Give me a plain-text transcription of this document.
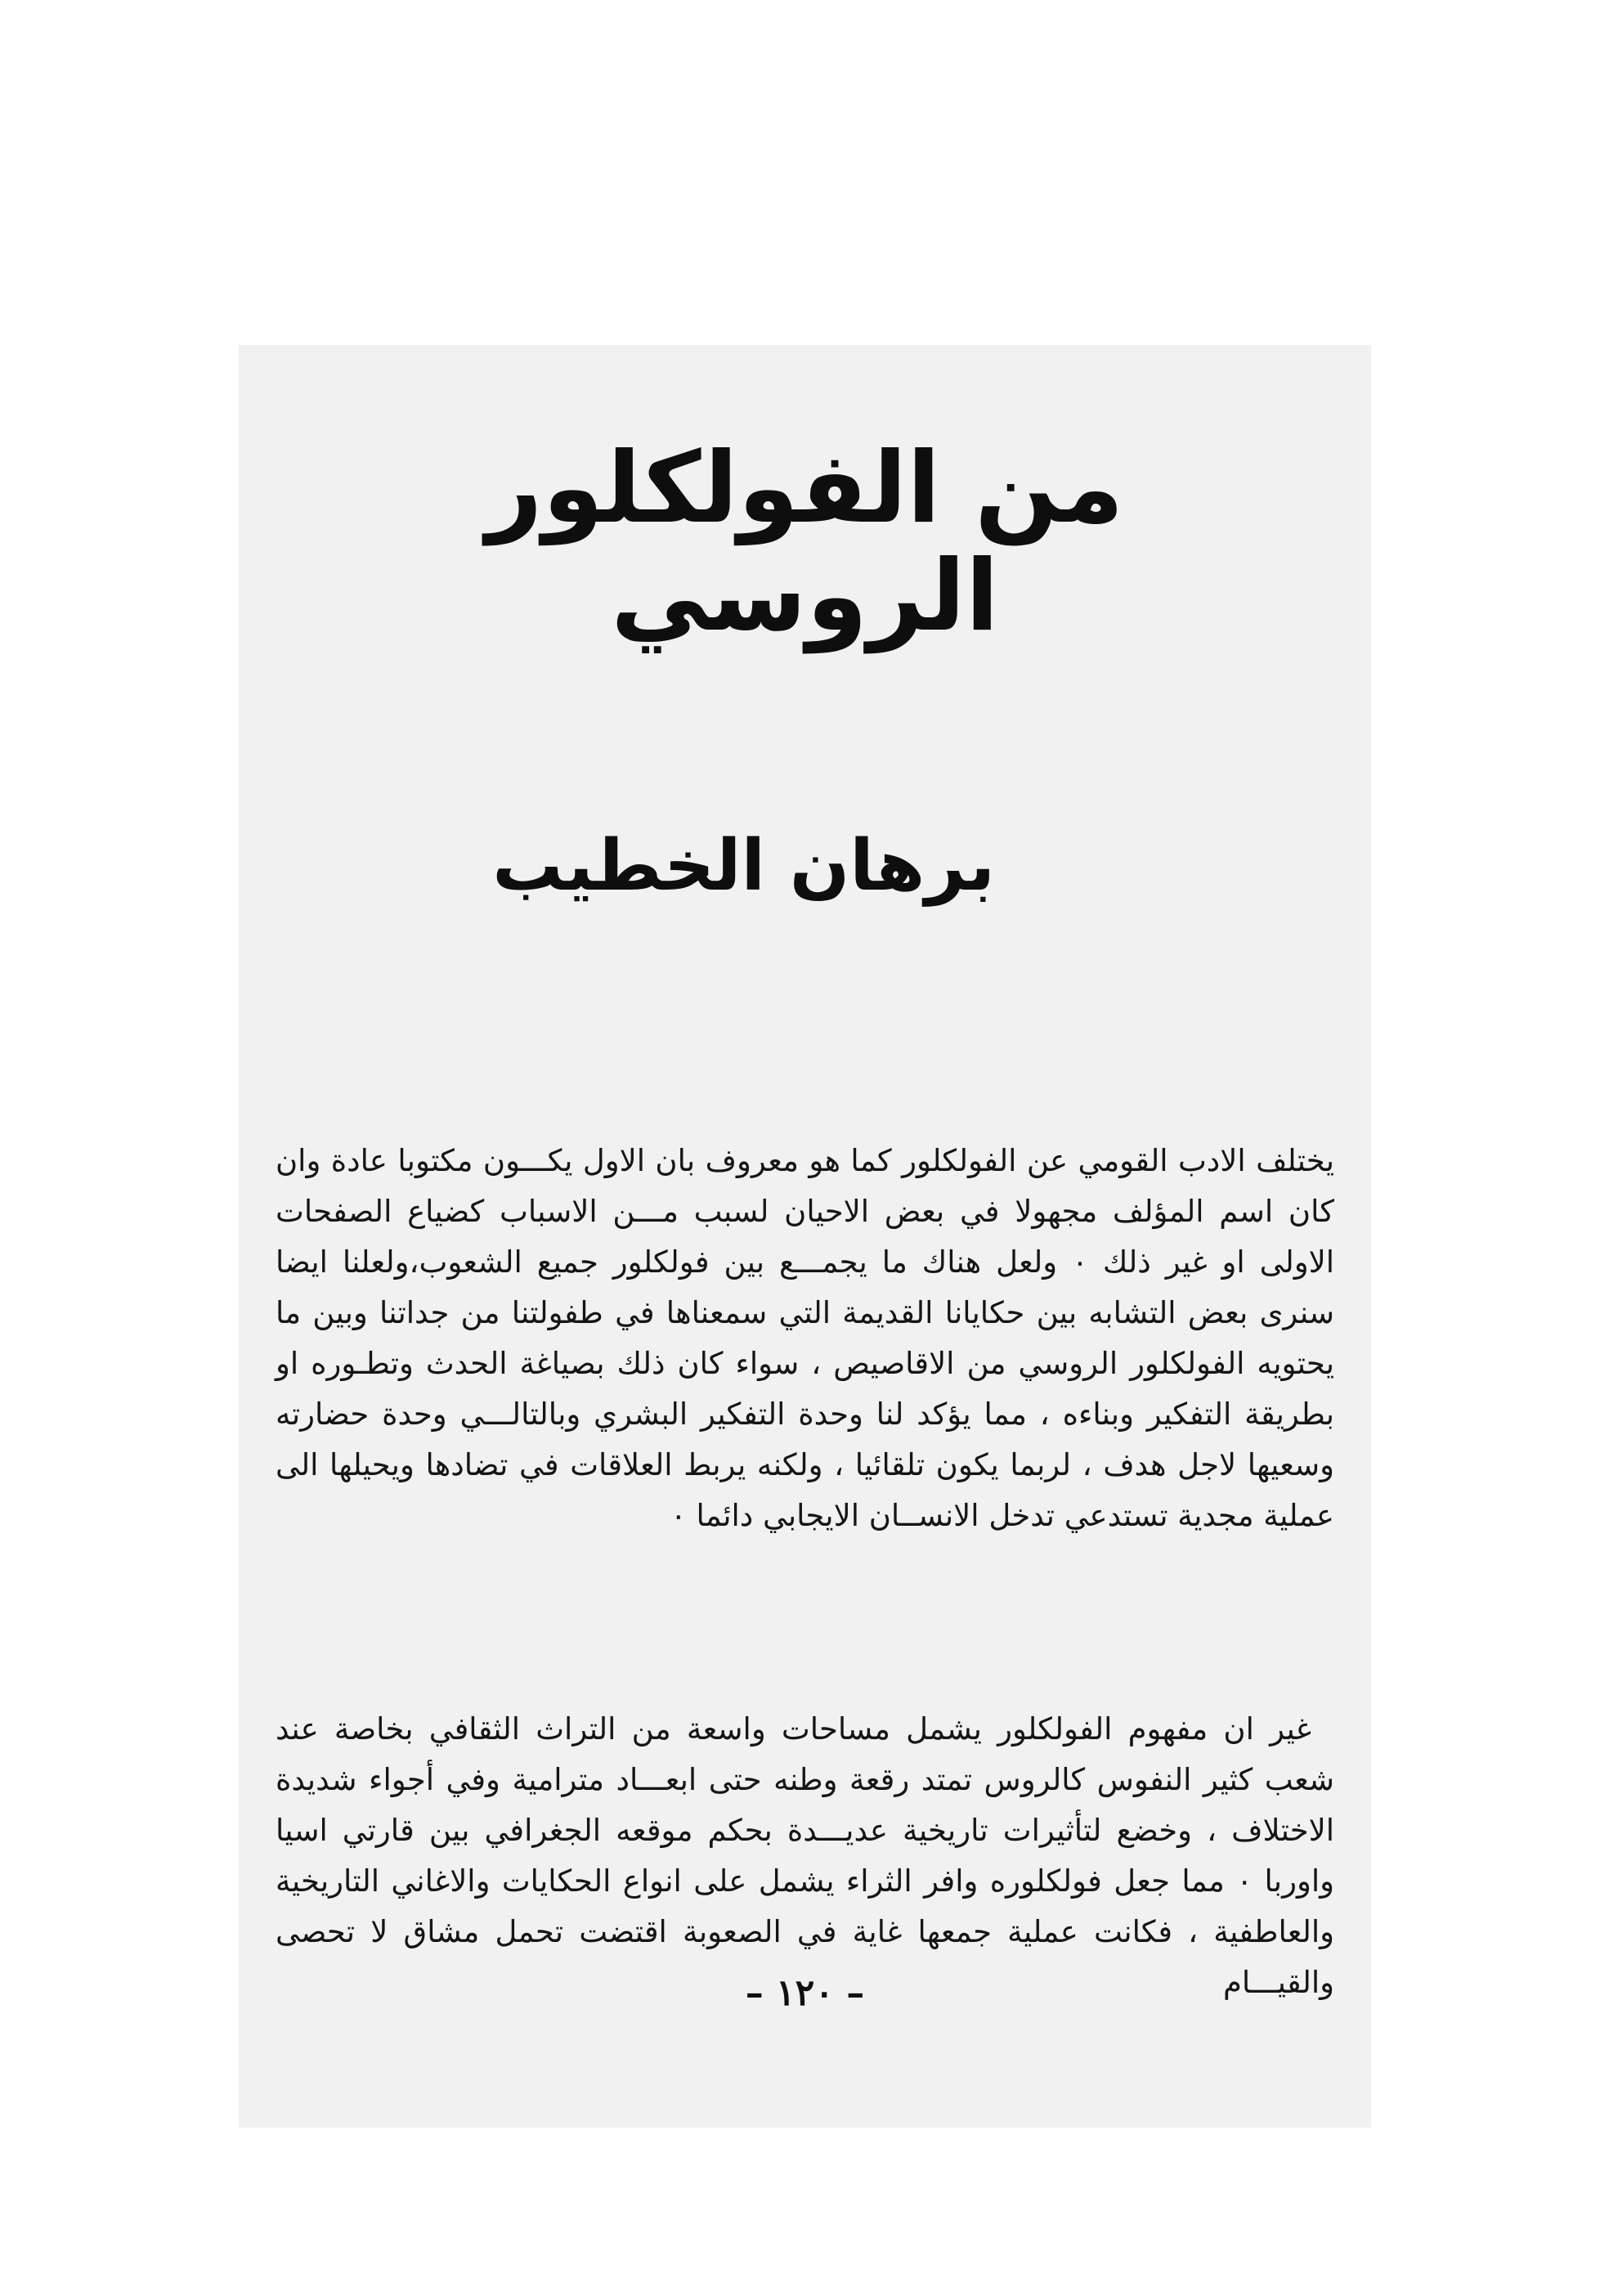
من الفولكلور الروسي
برهان الخطيب

يختلف الادب القومي عن الفولكلور كما هو معروف بان الاول يكـــون مكتوبا عادة وان كان اسم المؤلف مجهولا في بعض الاحيان لسبب مـــن الاسباب كضياع الصفحات الاولى او غير ذلك ٠ ولعل هناك ما يجمـــع بين فولكلور جميع الشعوب،ولعلنا ايضا سنرى بعض التشابه بين حكايانا القديمة التي سمعناها في طفولتنا من جداتنا وبين ما يحتويه الفولكلور الروسي من الاقاصيص ، سواء كان ذلك بصياغة الحدث وتطـوره او بطريقة التفكير وبناءه ، مما يؤكد لنا وحدة التفكير البشري وبالتالـــي وحدة حضارته وسعيها لاجل هدف ، لربما يكون تلقائيا ، ولكنه يربط العلاقات في تضادها ويحيلها الى عملية مجدية تستدعي تدخل الانســان الايجابي دائما ٠

غير ان مفهوم الفولكلور يشمل مساحات واسعة من التراث الثقافي بخاصة عند شعب كثير النفوس كالروس تمتد رقعة وطنه حتى ابعـــاد مترامية وفي أجواء شديدة الاختلاف ، وخضع لتأثيرات تاريخية عديـــدة بحكم موقعه الجغرافي بين قارتي اسيا واوربا ٠ مما جعل فولكلوره وافر الثراء يشمل على انواع الحكايات والاغاني التاريخية والعاطفية ، فكانت عملية جمعها غاية في الصعوبة اقتضت تحمل مشاق لا تحصى والقيـــام

– ١٢٠ –
